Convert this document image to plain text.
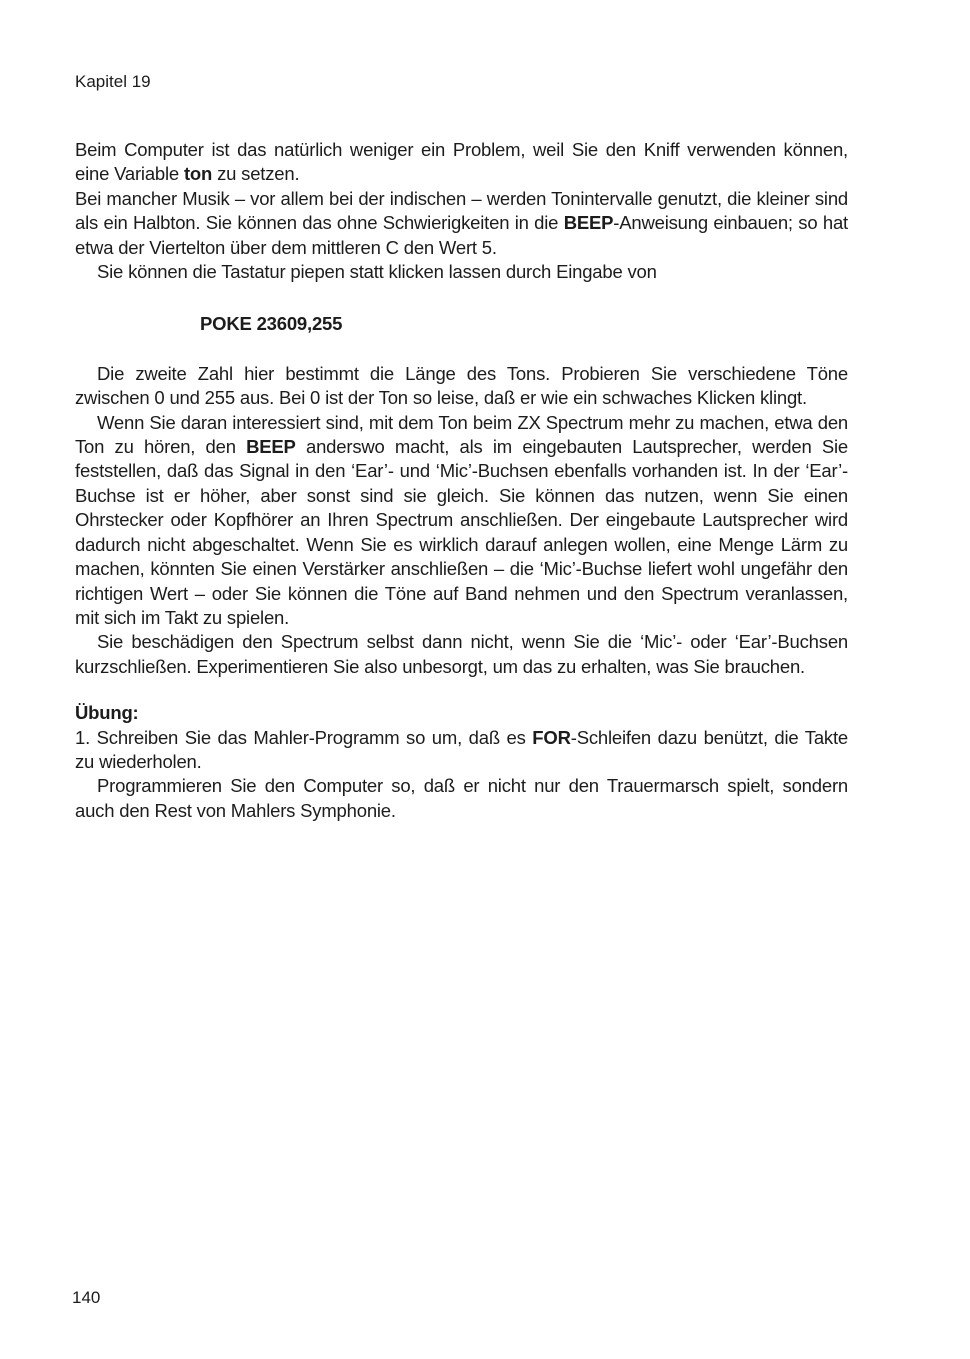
Kapitel 19

Beim Computer ist das natürlich weniger ein Problem, weil Sie den Kniff verwenden können, eine Variable ton zu setzen.

Bei mancher Musik – vor allem bei der indischen – werden Tonintervalle genutzt, die kleiner sind als ein Halbton. Sie können das ohne Schwierigkeiten in die BEEP-Anweisung einbauen; so hat etwa der Viertelton über dem mittleren C den Wert 5.

Sie können die Tastatur piepen statt klicken lassen durch Eingabe von

POKE 23609,255

Die zweite Zahl hier bestimmt die Länge des Tons. Probieren Sie verschiedene Töne zwischen 0 und 255 aus. Bei 0 ist der Ton so leise, daß er wie ein schwaches Klicken klingt.

Wenn Sie daran interessiert sind, mit dem Ton beim ZX Spectrum mehr zu machen, etwa den Ton zu hören, den BEEP anderswo macht, als im eingebauten Lautsprecher, werden Sie feststellen, daß das Signal in den ‘Ear’- und ‘Mic’-Buchsen ebenfalls vorhanden ist. In der ‘Ear’-Buchse ist er höher, aber sonst sind sie gleich. Sie können das nutzen, wenn Sie einen Ohrstecker oder Kopfhörer an Ihren Spectrum anschließen. Der eingebaute Lautsprecher wird dadurch nicht abgeschaltet. Wenn Sie es wirklich darauf anlegen wollen, eine Menge Lärm zu machen, könnten Sie einen Verstärker anschließen – die ‘Mic’-Buchse liefert wohl ungefähr den richtigen Wert – oder Sie können die Töne auf Band nehmen und den Spectrum veranlassen, mit sich im Takt zu spielen.

Sie beschädigen den Spectrum selbst dann nicht, wenn Sie die ‘Mic’- oder ‘Ear’-Buchsen kurzschließen. Experimentieren Sie also unbesorgt, um das zu erhalten, was Sie brauchen.

Übung:

1. Schreiben Sie das Mahler-Programm so um, daß es FOR-Schleifen dazu benützt, die Takte zu wiederholen.

Programmieren Sie den Computer so, daß er nicht nur den Trauermarsch spielt, sondern auch den Rest von Mahlers Symphonie.

140
